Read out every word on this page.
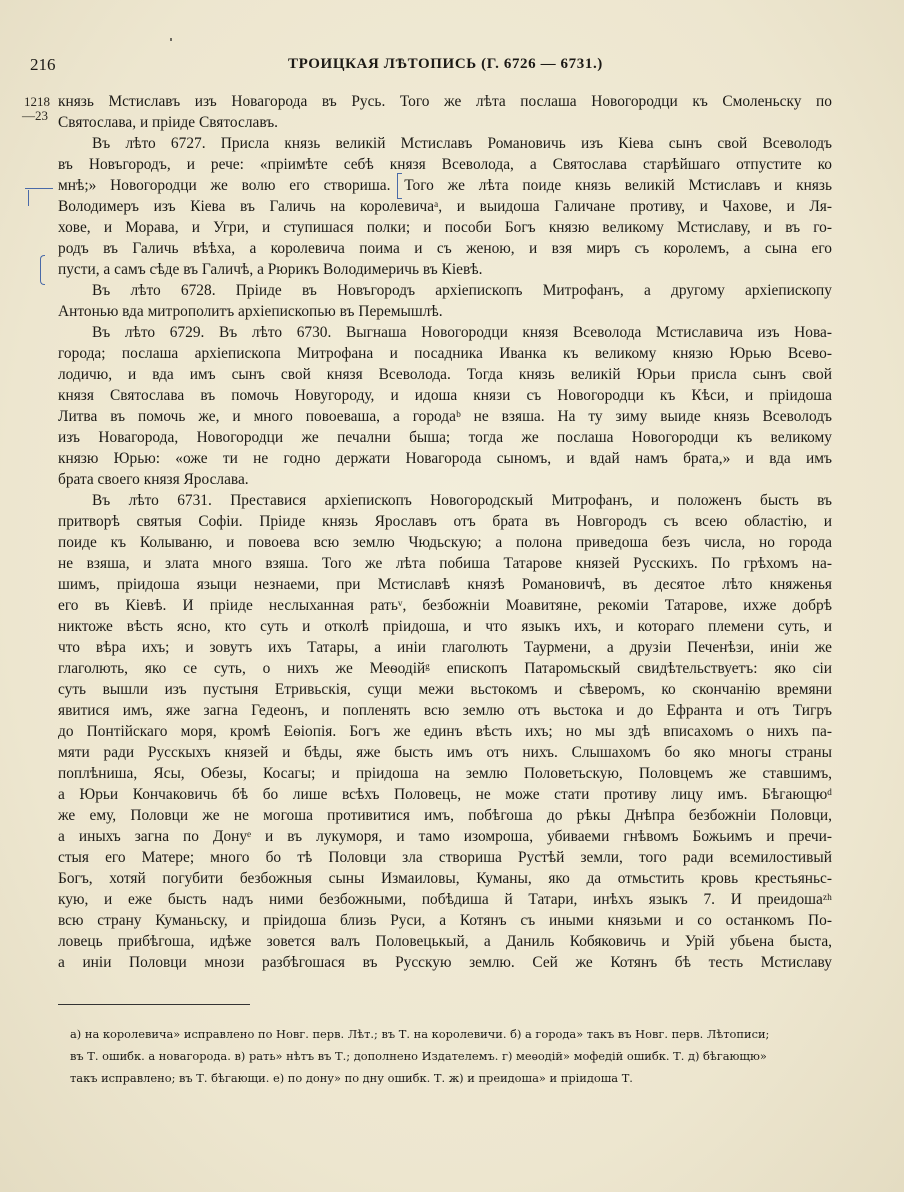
216	ТРОИЦКАЯ ЛѢТОПИСЬ (Г. 6726 — 6731.)
1218
—23
князь Мстиславъ изъ Новагорода въ Русь. Того же лѣта послаша Новогородци къ Смоленьску по
Святослава, и пріиде Святославъ.
Въ лѣто 6727. Присла князь великій Мстиславъ Романовичь изъ Кіева сынъ свой Всеволодъ
въ Новъгородъ, и рече: «пріимѣте себѣ князя Всеволода, а Святослава старѣйшаго отпустите ко
мнѣ;» Новогородци же волю его створиша. Того же лѣта поиде князь великій Мстиславъ и князь
Володимеръ изъ Кіева въ Галичь на королевичаᵃ, и выидоша Галичане противу, и Чахове, и Ля-
хове, и Морава, и Угри, и ступишася полки; и пособи Богъ князю великому Мстиславу, и въ го-
родъ въ Галичь вѣѣха, а королевича поима и съ женою, и взя миръ съ королемъ, а сына его
пусти, а самъ сѣде въ Галичѣ, а Рюрикъ Володимеричь въ Кіевѣ.
Въ лѣто 6728. Пріиде въ Новъгородъ архіепископъ Митрофанъ, а другому архіепископу
Антонью вда митрополитъ архіепископью въ Перемышлѣ.
Въ лѣто 6729. Въ лѣто 6730. Выгнаша Новогородци князя Всеволода Мстиславича изъ Нова-
города; послаша архіепископа Митрофана и посадника Иванка къ великому князю Юрью Всево-
лодичю, и вда имъ сынъ свой князя Всеволода. Тогда князь великій Юрьи присла сынъ свой
князя Святослава въ помочь Новугороду, и идоша князи съ Новогородци къ Кѣси, и пріидоша
Литва въ помочь же, и много повоеваша, а городаᵇ не взяша. На ту зиму выиде князь Всеволодъ
изъ Новагорода, Новогородци же печални быша; тогда же послаша Новогородци къ великому
князю Юрью: «оже ти не годно держати Новагорода сыномъ, и вдай намъ брата,» и вда имъ
брата своего князя Ярослава.
Въ лѣто 6731. Преставися архіепископъ Новогородскый Митрофанъ, и положенъ бысть въ
притворѣ святыя Софіи. Пріиде князь Ярославъ отъ брата въ Новгородъ съ всею областію, и
поиде къ Колываню, и повоева всю землю Чюдьскую; а полона приведоша безъ числа, но города
не взяша, и злата много взяша. Того же лѣта побиша Татарове князей Русскихъ. По грѣхомъ на-
шимъ, пріидоша языци незнаеми, при Мстиславѣ князѣ Романовичѣ, въ десятое лѣто княженья
его въ Кіевѣ. И пріиде неслыханная ратьᵛ, безбожніи Моавитяне, рекоміи Татарове, ихже добрѣ
никтоже вѣсть ясно, кто суть и отколѣ пріидоша, и что языкъ ихъ, и котораго племени суть, и
что вѣра ихъ; и зовутъ ихъ Татары, а иніи глаголють Таурмени, а друзіи Печенѣзи, иніи же
глаголють, яко се суть, о нихъ же Меѳодійᵍ епископъ Патаромьскый свидѣтельствуетъ: яко сіи
суть вышли изъ пустыня Етривьскія, сущи межи вьстокомъ и сѣверомъ, ко скончанію времяни
явитися имъ, яже загна Гедеонъ, и попленять всю землю отъ вьстока и до Ефранта и отъ Тигръ
до Понтійскаго моря, кромѣ Еѳіопія. Богъ же единъ вѣсть ихъ; но мы здѣ вписахомъ о нихъ па-
мяти ради Русскыхъ князей и бѣды, яже бысть имъ отъ нихъ. Слышахомъ бо яко многы страны
поплѣниша, Ясы, Обезы, Косагы; и пріидоша на землю Половетьскую, Половцемъ же ставшимъ,
а Юрьи Кончаковичь бѣ бо лише всѣхъ Половець, не може стати противу лицу имъ. Бѣгающюᵈ
же ему, Половци же не могоша противитися имъ, побѣгоша до рѣкы Днѣпра безбожніи Половци,
а иныхъ загна по Донуᵉ и въ лукуморя, и тамо изомроша, убиваеми гнѣвомъ Божьимъ и пречи-
стыя его Матере; много бо тѣ Половци зла створиша Рустѣй земли, того ради всемилостивый
Богъ, хотяй погубити безбожныя сыны Измаиловы, Куманы, яко да отмьстить кровь крестьяньс-
кую, и еже бысть надъ ними безбожными, побѣдиша й Татари, инѣхъ языкъ 7. И преидошаᶻʰ
всю страну Куманьску, и пріидоша близь Руси, а Котянъ съ иными князьми и со останкомъ По-
ловець прибѣгоша, идѣже зовется валъ Половецькый, а Даниль Кобяковичь и Урій убьена быста,
а иніи Половци мнози разбѣгошася въ Русскую землю. Сей же Котянъ бѣ тесть Мстиславу
а) на королевича» исправлено по Новг. перв. Лѣт.; въ Т. на королевичи. б) а города» такъ въ Новг. перв. Лѣтописи;
въ Т. ошибк. а новагорода. в) рать» нѣтъ въ Т.; дополнено Издателемъ. г) меѳодій» мофедій ошибк. Т. д) бѣгающю»
такъ исправлено; въ Т. бѣгающи. е) по дону» по дну ошибк. Т. ж) и преидоша» и пріидоша Т.
